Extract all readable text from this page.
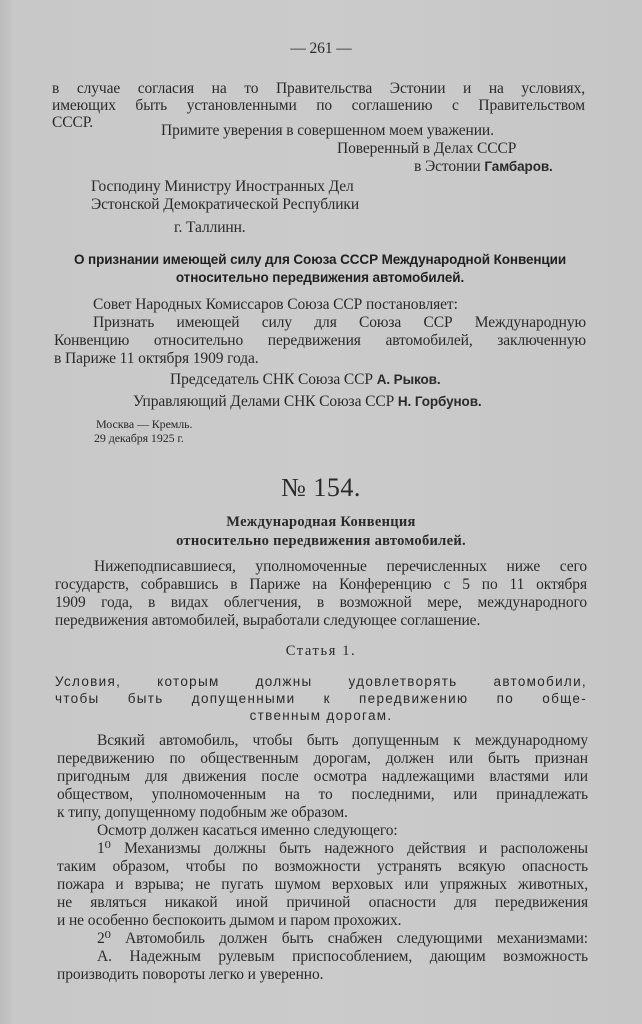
— 261 —
в случае согласия на то Правительства Эстонии и на условиях,
имеющих быть установленными по соглашению с Правительством
СССР.	Примите уверения в совершенном моем уважении.
Поверенный в Делах СССР
в Эстонии Гамбаров.
Господину Министру Иностранных Дел
Эстонской Демократической Республики
г. Таллинн.
О признании имеющей силу для Союза СССР Международной Конвенции
относительно передвижения автомобилей.
Совет Народных Комиссаров Союза ССР постановляет:
Признать имеющей силу для Союза ССР Международную
Конвенцию относительно передвижения автомобилей, заключенную
в Париже 11 октября 1909 года.
Председатель СНК Союза ССР А. Рыков.
Управляющий Делами СНК Союза ССР Н. Горбунов.
Москва — Кремль.
29 декабря 1925 г.
№ 154.
Международная Конвенция
относительно передвижения автомобилей.
Нижеподписавшиеся, уполномоченные перечисленных ниже сего
государств, собравшись в Париже на Конференцию с 5 по 11 октября
1909 года, в видах облегчения, в возможной мере, международного
передвижения автомобилей, выработали следующее соглашение.
Статья 1.
Условия, которым должны удовлетворять автомобили,
чтобы быть допущенными к передвижению по обще-
ственным дорогам.
Всякий автомобиль, чтобы быть допущенным к международному
передвижению по общественным дорогам, должен или быть признан
пригодным для движения после осмотра надлежащими властями или
обществом, уполномоченным на то последними, или принадлежать
к типу, допущенному подобным же образом.
Осмотр должен касаться именно следующего:
1⁰ Механизмы должны быть надежного действия и расположены
таким образом, чтобы по возможности устранять всякую опасность
пожара и взрыва; не пугать шумом верховых или упряжных животных,
не являться никакой иной причиной опасности для передвижения
и не особенно беспокоить дымом и паром прохожих.
2⁰ Автомобиль должен быть снабжен следующими механизмами:
А. Надежным рулевым приспособлением, дающим возможность
производить повороты легко и уверенно.
